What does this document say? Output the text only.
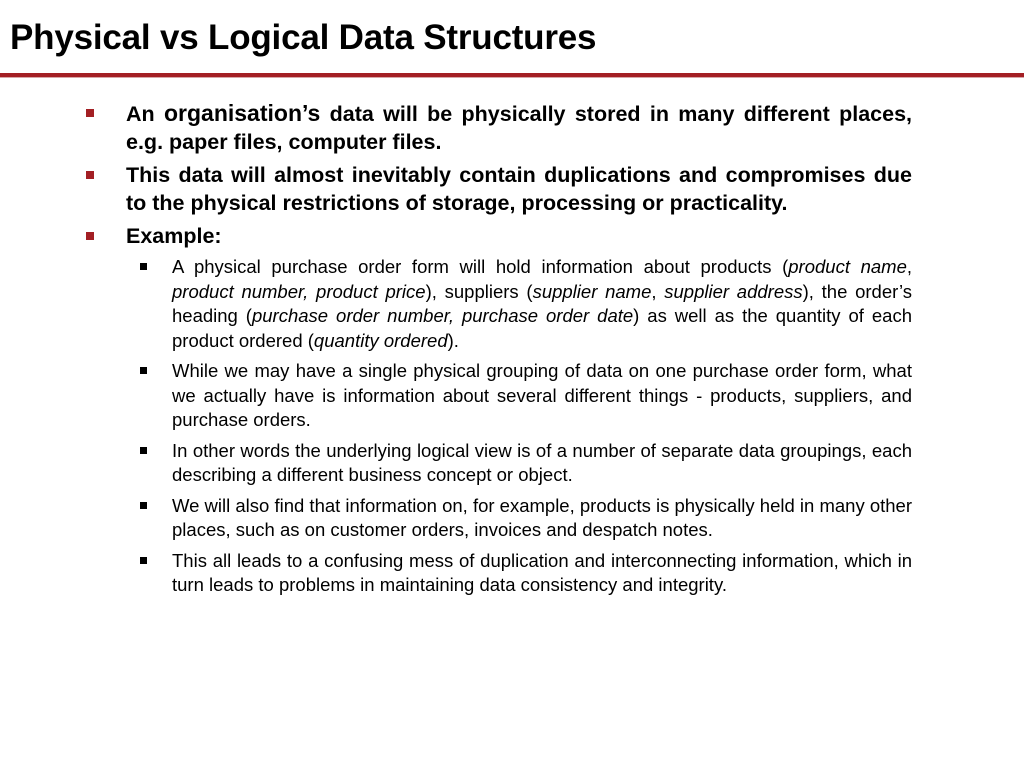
Physical vs Logical Data Structures
An organisation’s data will be physically stored in many different places, e.g. paper files, computer files.
This data will almost inevitably contain duplications and compromises due to the physical restrictions of storage, processing or practicality.
Example:
A physical purchase order form will hold information about products (product name, product number, product price), suppliers (supplier name, supplier address), the order’s heading (purchase order number, purchase order date) as well as the quantity of each product ordered (quantity ordered).
While we may have a single physical grouping of data on one purchase order form, what we actually have is information about several different things - products, suppliers, and purchase orders.
In other words the underlying logical view is of a number of separate data groupings, each describing a different business concept or object.
We will also find that information on, for example, products is physically held in many other places, such as on customer orders, invoices and despatch notes.
This all leads to a confusing mess of duplication and interconnecting information, which in turn leads to problems in maintaining data consistency and integrity.
